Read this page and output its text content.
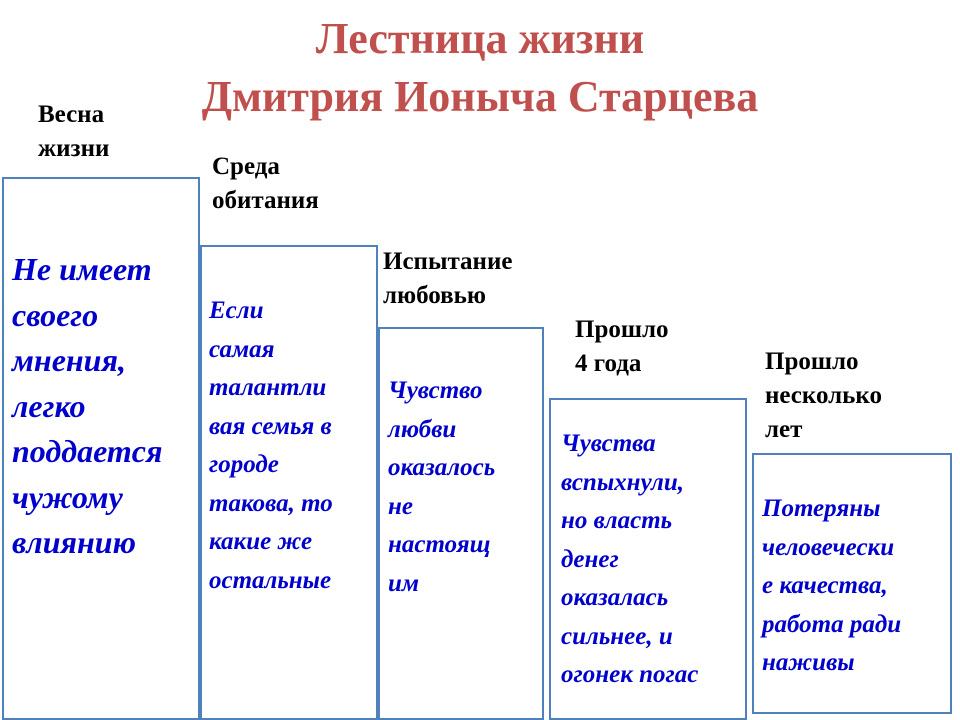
Лестница жизни
Дмитрия Ионыча Старцева
Весна
жизни
Не имеет
своего
мнения,
легко
поддается
чужому
влиянию
Среда
обитания
Если
самая
талантли
вая семья в
городе
такова, то
какие же
остальные
Испытание
любовью
Чувство
любви
оказалось
не
настоящ
им
Прошло
4 года
Чувства
вспыхнули,
но власть
денег
оказалась
сильнее, и
огонек погас
Прошло
несколько
лет
Потеряны
человечески
е качества,
работа ради
наживы
